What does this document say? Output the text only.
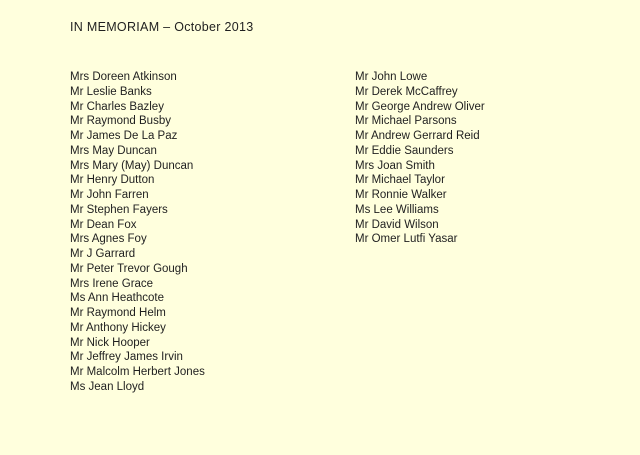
IN MEMORIAM – October 2013
Mrs Doreen Atkinson
Mr Leslie Banks
Mr Charles Bazley
Mr Raymond Busby
Mr James De La Paz
Mrs May Duncan
Mrs Mary (May) Duncan
Mr Henry Dutton
Mr John Farren
Mr Stephen Fayers
Mr Dean Fox
Mrs Agnes Foy
Mr J Garrard
Mr Peter Trevor Gough
Mrs Irene Grace
Ms Ann Heathcote
Mr Raymond Helm
Mr Anthony Hickey
Mr Nick Hooper
Mr Jeffrey James Irvin
Mr Malcolm Herbert Jones
Ms Jean Lloyd
Mr John Lowe
Mr Derek McCaffrey
Mr George Andrew Oliver
Mr Michael Parsons
Mr Andrew Gerrard Reid
Mr Eddie Saunders
Mrs Joan Smith
Mr Michael Taylor
Mr Ronnie Walker
Ms Lee Williams
Mr David Wilson
Mr Omer Lutfi Yasar
